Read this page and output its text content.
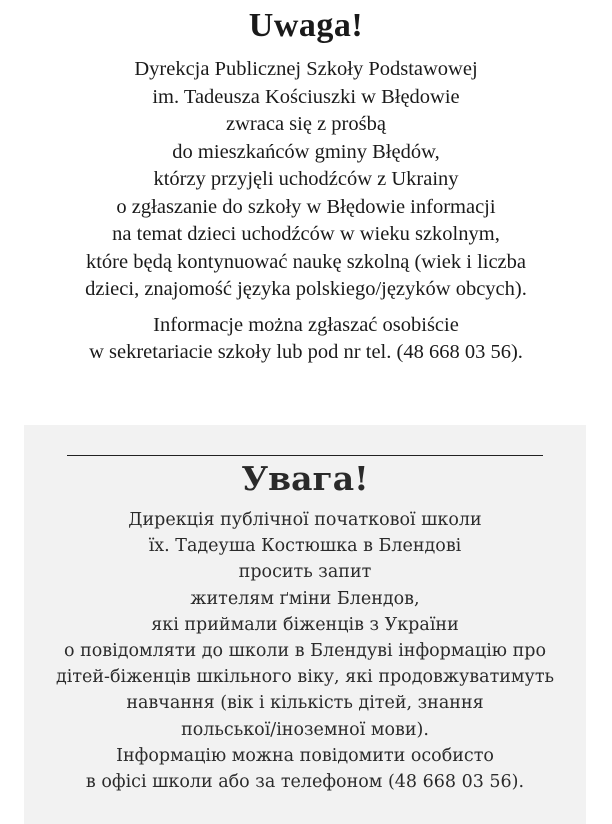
Uwaga!
Dyrekcja Publicznej Szkoły Podstawowej
im. Tadeusza Kościuszki w Błędowie
zwraca się z prośbą
do mieszkańców gminy Błędów,
którzy przyjęli uchodźców z Ukrainy
o zgłaszanie do szkoły w Błędowie informacji
na temat dzieci uchodźców w wieku szkolnym,
które będą kontynuować naukę szkolną (wiek i liczba
dzieci, znajomość języka polskiego/języków obcych).
Informacje można zgłaszać osobiście
w sekretariacie szkoły lub pod nr tel. (48 668 03 56).
Увага!
Дирекція публічної початкової школи
їх. Тадеуша Костюшка в Блендові
просить запит
жителям ґміни Блендов,
які приймали біженців з України
о повідомляти до школи в Блендуві інформацію про
дітей-біженців шкільного віку, які продовжуватимуть
навчання (вік і кількість дітей, знання
польської/іноземної мови).
Інформацію можна повідомити особисто
в офісі школи або за телефоном (48 668 03 56).
